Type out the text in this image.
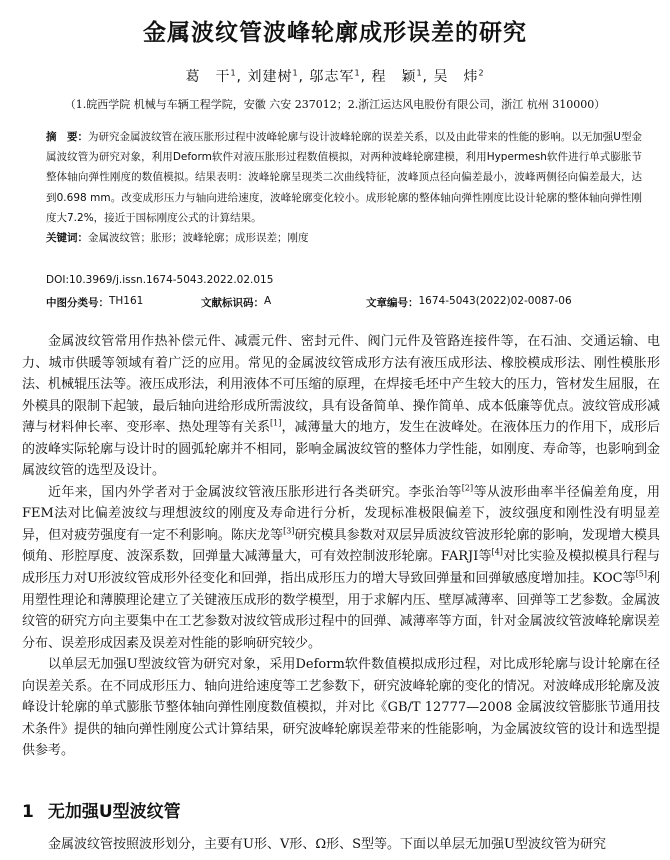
金属波纹管波峰轮廓成形误差的研究
葛　干$^1$, 刘建树$^1$, 邬志军$^1$, 程　颖$^1$, 吴　炜$^2$
（1.皖西学院 机械与车辆工程学院，安徽 六安 237012；2.浙江运达风电股份有限公司，浙江 杭州 310000）
摘　要：为研究金属波纹管在液压胀形过程中波峰轮廓与设计波峰轮廓的误差关系，以及由此带来的性能的影响。以无加强U型金属波纹管为研究对象，利用Deform软件对液压胀形过程数值模拟，对两种波峰轮廓建模，利用Hypermesh软件进行单式膨胀节整体轴向弹性刚度的数值模拟。结果表明：波峰轮廓呈现类二次曲线特征，波峰顶点径向偏差最小，波峰两侧径向偏差最大，达到0.698 mm。改变成形压力与轴向进给速度，波峰轮廓变化较小。成形轮廓的整体轴向弹性刚度比设计轮廓的整体轴向弹性刚度大7.2%，接近于国标刚度公式的计算结果。
关键词：金属波纹管；胀形；波峰轮廓；成形误差；刚度
DOI:10.3969/j.issn.1674-5043.2022.02.015
中图分类号： TH161	文献标识码： A	文章编号： 1674-5043(2022)02-0087-06

金属波纹管常用作热补偿元件、减震元件、密封元件、阀门元件及管路连接件等，在石油、交通运输、电力、城市供暖等领域有着广泛的应用。常见的金属波纹管成形方法有液压成形法、橡胶模成形法、刚性模胀形法、机械辊压法等。液压成形法，利用液体不可压缩的原理，在焊接毛坯中产生较大的压力，管材发生屈服，在外模具的限制下起皱，最后轴向进给形成所需波纹，具有设备简单、操作简单、成本低廉等优点。波纹管成形减薄与材料伸长率、变形率、热处理等有关系[1]，减薄量大的地方，发生在波峰处。在液体压力的作用下，成形后的波峰实际轮廓与设计时的圆弧轮廓并不相同，影响金属波纹管的整体力学性能，如刚度、寿命等，也影响到金属波纹管的选型及设计。

近年来，国内外学者对于金属波纹管液压胀形进行各类研究。李张治等[2]等从波形曲率半径偏差角度，用FEM法对比偏差波纹与理想波纹的刚度及寿命进行分析，发现标准极限偏差下，波纹强度和刚性没有明显差异，但对疲劳强度有一定不利影响。陈庆龙等[3]研究模具参数对双层异质波纹管波形轮廓的影响，发现增大模具倾角、形腔厚度、波深系数，回弹量大减薄量大，可有效控制波形轮廓。FARJI等[4]对比实验及模拟模具行程与成形压力对U形波纹管成形外径变化和回弹，指出成形压力的增大导致回弹量和回弹敏感度增加挂。KOC等[5]利用塑性理论和薄膜理论建立了关键液压成形的数学模型，用于求解内压、壁厚减薄率、回弹等工艺参数。金属波纹管的研究方向主要集中在工艺参数对波纹管成形过程中的回弹、减薄率等方面，针对金属波纹管波峰轮廓误差分布、误差形成因素及误差对性能的影响研究较少。

以单层无加强U型波纹管为研究对象，采用Deform软件数值模拟成形过程，对比成形轮廓与设计轮廓在径向误差关系。在不同成形压力、轴向进给速度等工艺参数下，研究波峰轮廓的变化的情况。对波峰成形轮廓及波峰设计轮廓的单式膨胀节整体轴向弹性刚度数值模拟，并对比《GB/T 12777—2008 金属波纹管膨胀节通用技术条件》提供的轴向弹性刚度公式计算结果，研究波峰轮廓误差带来的性能影响，为金属波纹管的设计和选型提供参考。

1 无加强U型波纹管
金属波纹管按照波形划分，主要有U形、V形、Ω形、S型等。下面以单层无加强U型波纹管为研究
